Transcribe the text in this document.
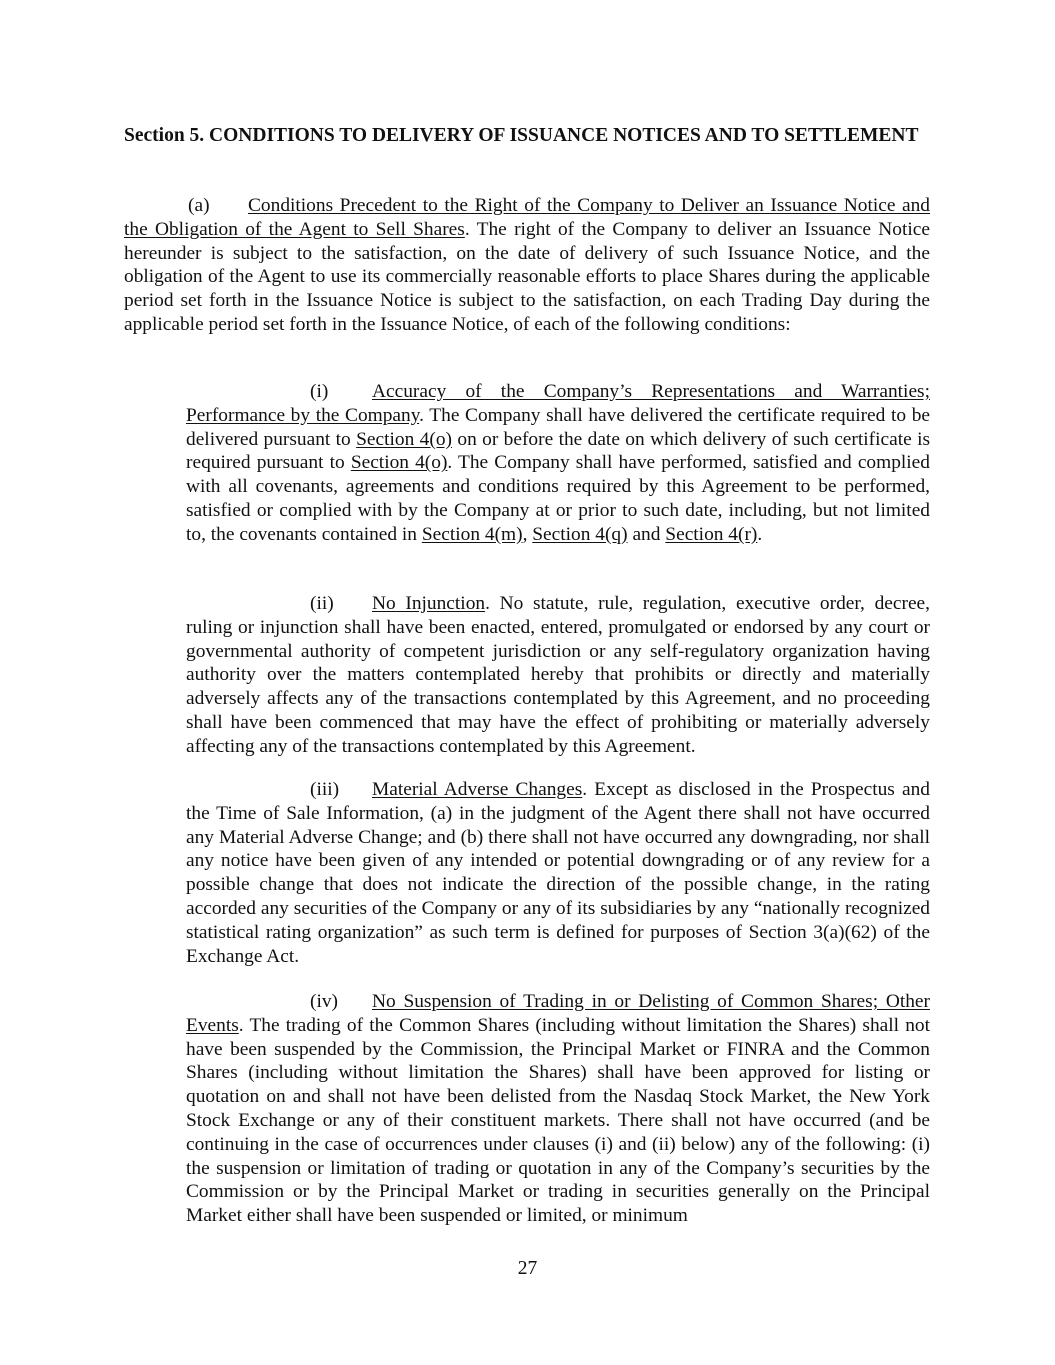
Section 5. CONDITIONS TO DELIVERY OF ISSUANCE NOTICES AND TO SETTLEMENT

(a) Conditions Precedent to the Right of the Company to Deliver an Issuance Notice and the Obligation of the Agent to Sell Shares. The right of the Company to deliver an Issuance Notice hereunder is subject to the satisfaction, on the date of delivery of such Issuance Notice, and the obligation of the Agent to use its commercially reasonable efforts to place Shares during the applicable period set forth in the Issuance Notice is subject to the satisfaction, on each Trading Day during the applicable period set forth in the Issuance Notice, of each of the following conditions:

(i) Accuracy of the Company’s Representations and Warranties; Performance by the Company. The Company shall have delivered the certificate required to be delivered pursuant to Section 4(o) on or before the date on which delivery of such certificate is required pursuant to Section 4(o). The Company shall have performed, satisfied and complied with all covenants, agreements and conditions required by this Agreement to be performed, satisfied or complied with by the Company at or prior to such date, including, but not limited to, the covenants contained in Section 4(m), Section 4(q) and Section 4(r).

(ii) No Injunction. No statute, rule, regulation, executive order, decree, ruling or injunction shall have been enacted, entered, promulgated or endorsed by any court or governmental authority of competent jurisdiction or any self-regulatory organization having authority over the matters contemplated hereby that prohibits or directly and materially adversely affects any of the transactions contemplated by this Agreement, and no proceeding shall have been commenced that may have the effect of prohibiting or materially adversely affecting any of the transactions contemplated by this Agreement.

(iii) Material Adverse Changes. Except as disclosed in the Prospectus and the Time of Sale Information, (a) in the judgment of the Agent there shall not have occurred any Material Adverse Change; and (b) there shall not have occurred any downgrading, nor shall any notice have been given of any intended or potential downgrading or of any review for a possible change that does not indicate the direction of the possible change, in the rating accorded any securities of the Company or any of its subsidiaries by any “nationally recognized statistical rating organization” as such term is defined for purposes of Section 3(a)(62) of the Exchange Act.

(iv) No Suspension of Trading in or Delisting of Common Shares; Other Events. The trading of the Common Shares (including without limitation the Shares) shall not have been suspended by the Commission, the Principal Market or FINRA and the Common Shares (including without limitation the Shares) shall have been approved for listing or quotation on and shall not have been delisted from the Nasdaq Stock Market, the New York Stock Exchange or any of their constituent markets. There shall not have occurred (and be continuing in the case of occurrences under clauses (i) and (ii) below) any of the following: (i) the suspension or limitation of trading or quotation in any of the Company’s securities by the Commission or by the Principal Market or trading in securities generally on the Principal Market either shall have been suspended or limited, or minimum

27
